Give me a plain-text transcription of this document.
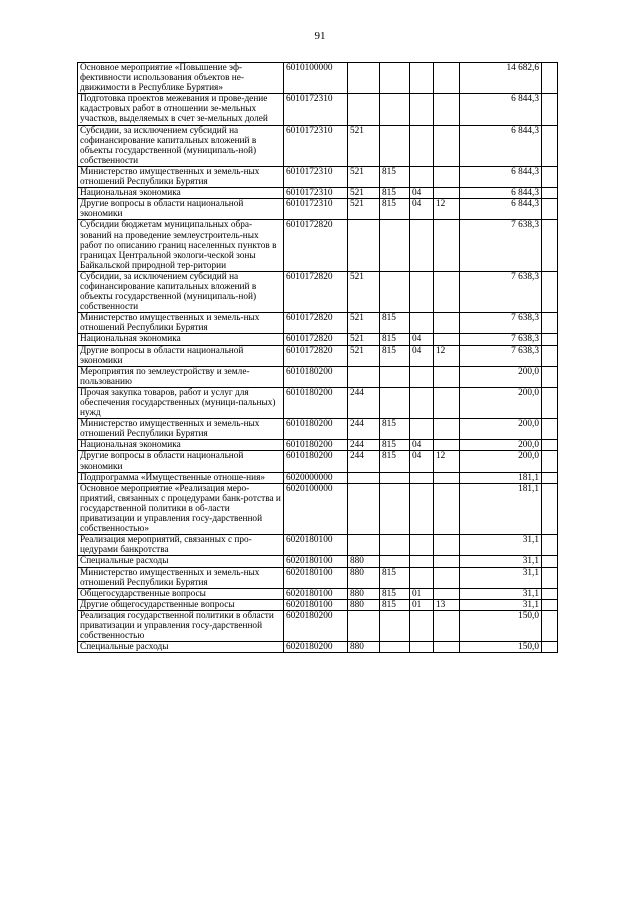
91
Основное мероприятие «Повышение эф-фективности использования объектов не-движимости в Республике Бурятия»	6010100000					14 682,6	
Подготовка проектов межевания и прове-дение кадастровых работ в отношении зе-мельных участков, выделяемых в счет зе-мельных долей	6010172310					6 844,3	
Субсидии, за исключением субсидий на софинансирование капитальных вложений в объекты государственной (муниципаль-ной) собственности	6010172310	521				6 844,3	
Министерство имущественных и земель-ных отношений Республики Бурятия	6010172310	521	815			6 844,3	
Национальная экономика	6010172310	521	815	04		6 844,3	
Другие вопросы в области национальной экономики	6010172310	521	815	04	12	6 844,3	
Субсидии бюджетам муниципальных обра-зований на проведение землеустроитель-ных работ по описанию границ населенных пунктов в границах Центральной экологи-ческой зоны Байкальской природной тер-ритории	6010172820					7 638,3	
Субсидии, за исключением субсидий на софинансирование капитальных вложений в объекты государственной (муниципаль-ной) собственности	6010172820	521				7 638,3	
Министерство имущественных и земель-ных отношений Республики Бурятия	6010172820	521	815			7 638,3	
Национальная экономика	6010172820	521	815	04		7 638,3	
Другие вопросы в области национальной экономики	6010172820	521	815	04	12	7 638,3	
Мероприятия по землеустройству и земле-пользованию	6010180200					200,0	
Прочая закупка товаров, работ и услуг для обеспечения государственных (муници-пальных) нужд	6010180200	244				200,0	
Министерство имущественных и земель-ных отношений Республики Бурятия	6010180200	244	815			200,0	
Национальная экономика	6010180200	244	815	04		200,0	
Другие вопросы в области национальной экономики	6010180200	244	815	04	12	200,0	
Подпрограмма «Имущественные отноше-ния»	6020000000					181,1	
Основное мероприятие «Реализация меро-приятий, связанных с процедурами банк-ротства и государственной политики в об-ласти приватизации и управления госу-дарственной собственностью»	6020100000					181,1	
Реализация мероприятий, связанных с про-цедурами банкротства	6020180100					31,1	
Специальные расходы	6020180100	880				31,1	
Министерство имущественных и земель-ных отношений Республики Бурятия	6020180100	880	815			31,1	
Общегосударственные вопросы	6020180100	880	815	01		31,1	
Другие общегосударственные вопросы	6020180100	880	815	01	13	31,1	
Реализация государственной политики в области приватизации и управления госу-дарственной собственностью	6020180200					150,0	
Специальные расходы	6020180200	880				150,0	
